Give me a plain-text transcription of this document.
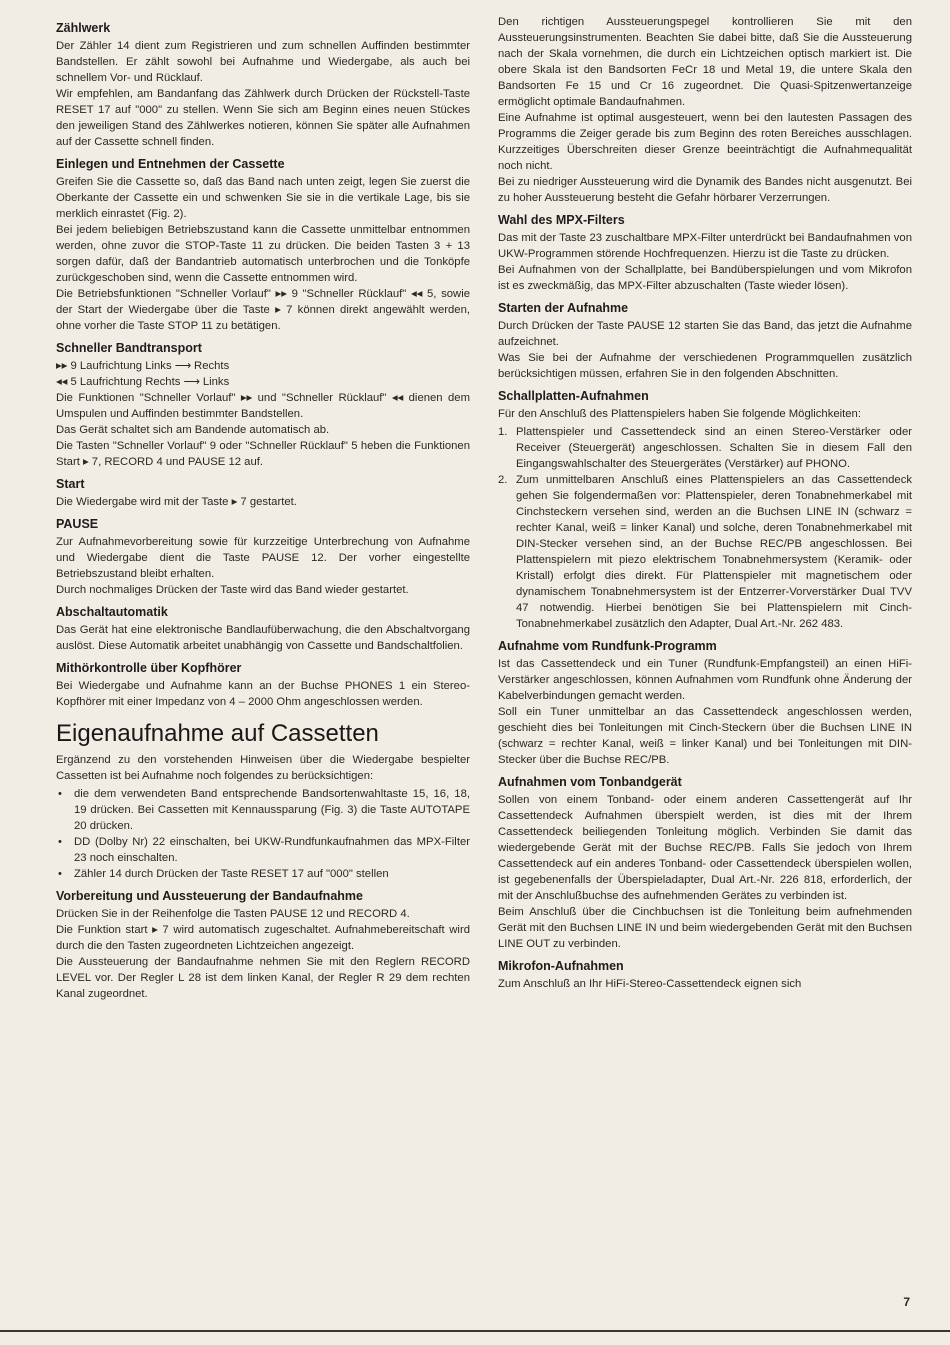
Zählwerk

Der Zähler 14 dient zum Registrieren und zum schnellen Auffinden bestimmter Bandstellen. Er zählt sowohl bei Aufnahme und Wiedergabe, als auch bei schnellem Vor- und Rücklauf.

Wir empfehlen, am Bandanfang das Zählwerk durch Drücken der Rückstell-Taste RESET 17 auf "000" zu stellen. Wenn Sie sich am Beginn eines neuen Stückes den jeweiligen Stand des Zählwerkes notieren, können Sie später alle Aufnahmen auf der Cassette schnell finden.

Einlegen und Entnehmen der Cassette

Greifen Sie die Cassette so, daß das Band nach unten zeigt, legen Sie zuerst die Oberkante der Cassette ein und schwenken Sie sie in die vertikale Lage, bis sie merklich einrastet (Fig. 2).

Bei jedem beliebigen Betriebszustand kann die Cassette unmittelbar entnommen werden, ohne zuvor die STOP-Taste 11 zu drücken. Die beiden Tasten 3 + 13 sorgen dafür, daß der Bandantrieb automatisch unterbrochen und die Tonköpfe zurückgeschoben sind, wenn die Cassette entnommen wird.

Die Betriebsfunktionen "Schneller Vorlauf" ▸▸ 9 "Schneller Rücklauf" ◂◂ 5, sowie der Start der Wiedergabe über die Taste ▸ 7 können direkt angewählt werden, ohne vorher die Taste STOP 11 zu betätigen.

Schneller Bandtransport

▸▸ 9 Laufrichtung Links ⟶ Rechts

◂◂ 5 Laufrichtung Rechts ⟶ Links

Die Funktionen "Schneller Vorlauf" ▸▸ und "Schneller Rücklauf" ◂◂ dienen dem Umspulen und Auffinden bestimmter Bandstellen.

Das Gerät schaltet sich am Bandende automatisch ab.

Die Tasten "Schneller Vorlauf" 9 oder "Schneller Rücklauf" 5 heben die Funktionen Start ▸ 7, RECORD 4 und PAUSE 12 auf.

Start

Die Wiedergabe wird mit der Taste ▸ 7 gestartet.

PAUSE

Zur Aufnahmevorbereitung sowie für kurzzeitige Unterbrechung von Aufnahme und Wiedergabe dient die Taste PAUSE 12. Der vorher eingestellte Betriebszustand bleibt erhalten.

Durch nochmaliges Drücken der Taste wird das Band wieder gestartet.

Abschaltautomatik

Das Gerät hat eine elektronische Bandlaufüberwachung, die den Abschaltvorgang auslöst. Diese Automatik arbeitet unabhängig von Cassette und Bandschaltfolien.

Mithörkontrolle über Kopfhörer

Bei Wiedergabe und Aufnahme kann an der Buchse PHONES 1 ein Stereo-Kopfhörer mit einer Impedanz von 4 – 2000 Ohm angeschlossen werden.

Eigenaufnahme auf Cassetten

Ergänzend zu den vorstehenden Hinweisen über die Wiedergabe bespielter Cassetten ist bei Aufnahme noch folgendes zu berücksichtigen:

• die dem verwendeten Band entsprechende Bandsortenwahltaste 15, 16, 18, 19 drücken. Bei Cassetten mit Kennaussparung (Fig. 3) die Taste AUTOTAPE 20 drücken.
• DD (Dolby Nr) 22 einschalten, bei UKW-Rundfunkaufnahmen das MPX-Filter 23 noch einschalten.
• Zähler 14 durch Drücken der Taste RESET 17 auf "000" stellen
Vorbereitung und Aussteuerung der Bandaufnahme

Drücken Sie in der Reihenfolge die Tasten PAUSE 12 und RECORD 4.

Die Funktion start ▸ 7 wird automatisch zugeschaltet. Aufnahmebereitschaft wird durch die den Tasten zugeordneten Lichtzeichen angezeigt.

Die Aussteuerung der Bandaufnahme nehmen Sie mit den Reglern RECORD LEVEL vor. Der Regler L 28 ist dem linken Kanal, der Regler R 29 dem rechten Kanal zugeordnet.

Den richtigen Aussteuerungspegel kontrollieren Sie mit den Aussteuerungsinstrumenten. Beachten Sie dabei bitte, daß Sie die Aussteuerung nach der Skala vornehmen, die durch ein Lichtzeichen optisch markiert ist. Die obere Skala ist den Bandsorten FeCr 18 und Metal 19, die untere Skala den Bandsorten Fe 15 und Cr 16 zugeordnet. Die Quasi-Spitzenwertanzeige ermöglicht optimale Bandaufnahmen.

Eine Aufnahme ist optimal ausgesteuert, wenn bei den lautesten Passagen des Programms die Zeiger gerade bis zum Beginn des roten Bereiches ausschlagen. Kurzzeitiges Überschreiten dieser Grenze beeinträchtigt die Aufnahmequalität noch nicht.

Bei zu niedriger Aussteuerung wird die Dynamik des Bandes nicht ausgenutzt. Bei zu hoher Aussteuerung besteht die Gefahr hörbarer Verzerrungen.

Wahl des MPX-Filters

Das mit der Taste 23 zuschaltbare MPX-Filter unterdrückt bei Bandaufnahmen von UKW-Programmen störende Hochfrequenzen. Hierzu ist die Taste zu drücken.

Bei Aufnahmen von der Schallplatte, bei Bandüberspielungen und vom Mikrofon ist es zweckmäßig, das MPX-Filter abzuschalten (Taste wieder lösen).

Starten der Aufnahme

Durch Drücken der Taste PAUSE 12 starten Sie das Band, das jetzt die Aufnahme aufzeichnet.

Was Sie bei der Aufnahme der verschiedenen Programmquellen zusätzlich berücksichtigen müssen, erfahren Sie in den folgenden Abschnitten.

Schallplatten-Aufnahmen

Für den Anschluß des Plattenspielers haben Sie folgende Möglichkeiten:

1. Plattenspieler und Cassettendeck sind an einen Stereo-Verstärker oder Receiver (Steuergerät) angeschlossen. Schalten Sie in diesem Fall den Eingangswahlschalter des Steuergerätes (Verstärker) auf PHONO.
2. Zum unmittelbaren Anschluß eines Plattenspielers an das Cassettendeck gehen Sie folgendermaßen vor: Plattenspieler, deren Tonabnehmerkabel mit Cinchsteckern versehen sind, werden an die Buchsen LINE IN (schwarz = rechter Kanal, weiß = linker Kanal) und solche, deren Tonabnehmerkabel mit DIN-Stecker versehen sind, an der Buchse REC/PB angeschlossen. Bei Plattenspielern mit piezo elektrischem Tonabnehmersystem (Keramik- oder Kristall) erfolgt dies direkt. Für Plattenspieler mit magnetischem oder dynamischem Tonabnehmersystem ist der Entzerrer-Vorverstärker Dual TVV 47 notwendig. Hierbei benötigen Sie bei Plattenspielern mit Cinch-Tonabnehmerkabel zusätzlich den Adapter, Dual Art.-Nr. 262 483.
Aufnahme vom Rundfunk-Programm

Ist das Cassettendeck und ein Tuner (Rundfunk-Empfangsteil) an einen HiFi-Verstärker angeschlossen, können Aufnahmen vom Rundfunk ohne Änderung der Kabelverbindungen gemacht werden.

Soll ein Tuner unmittelbar an das Cassettendeck angeschlossen werden, geschieht dies bei Tonleitungen mit Cinch-Steckern über die Buchsen LINE IN (schwarz = rechter Kanal, weiß = linker Kanal) und bei Tonleitungen mit DIN-Stecker über die Buchse REC/PB.

Aufnahmen vom Tonbandgerät

Sollen von einem Tonband- oder einem anderen Cassettengerät auf Ihr Cassettendeck Aufnahmen überspielt werden, ist dies mit der Ihrem Cassettendeck beiliegenden Tonleitung möglich. Verbinden Sie damit das wiedergebende Gerät mit der Buchse REC/PB. Falls Sie jedoch von Ihrem Cassettendeck auf ein anderes Tonband- oder Cassettendeck überspielen wollen, ist gegebenenfalls der Überspieladapter, Dual Art.-Nr. 226 818, erforderlich, der mit der Anschlußbuchse des aufnehmenden Gerätes zu verbinden ist.

Beim Anschluß über die Cinchbuchsen ist die Tonleitung beim aufnehmenden Gerät mit den Buchsen LINE IN und beim wiedergebenden Gerät mit den Buchsen LINE OUT zu verbinden.

Mikrofon-Aufnahmen

Zum Anschluß an Ihr HiFi-Stereo-Cassettendeck eignen sich

7
